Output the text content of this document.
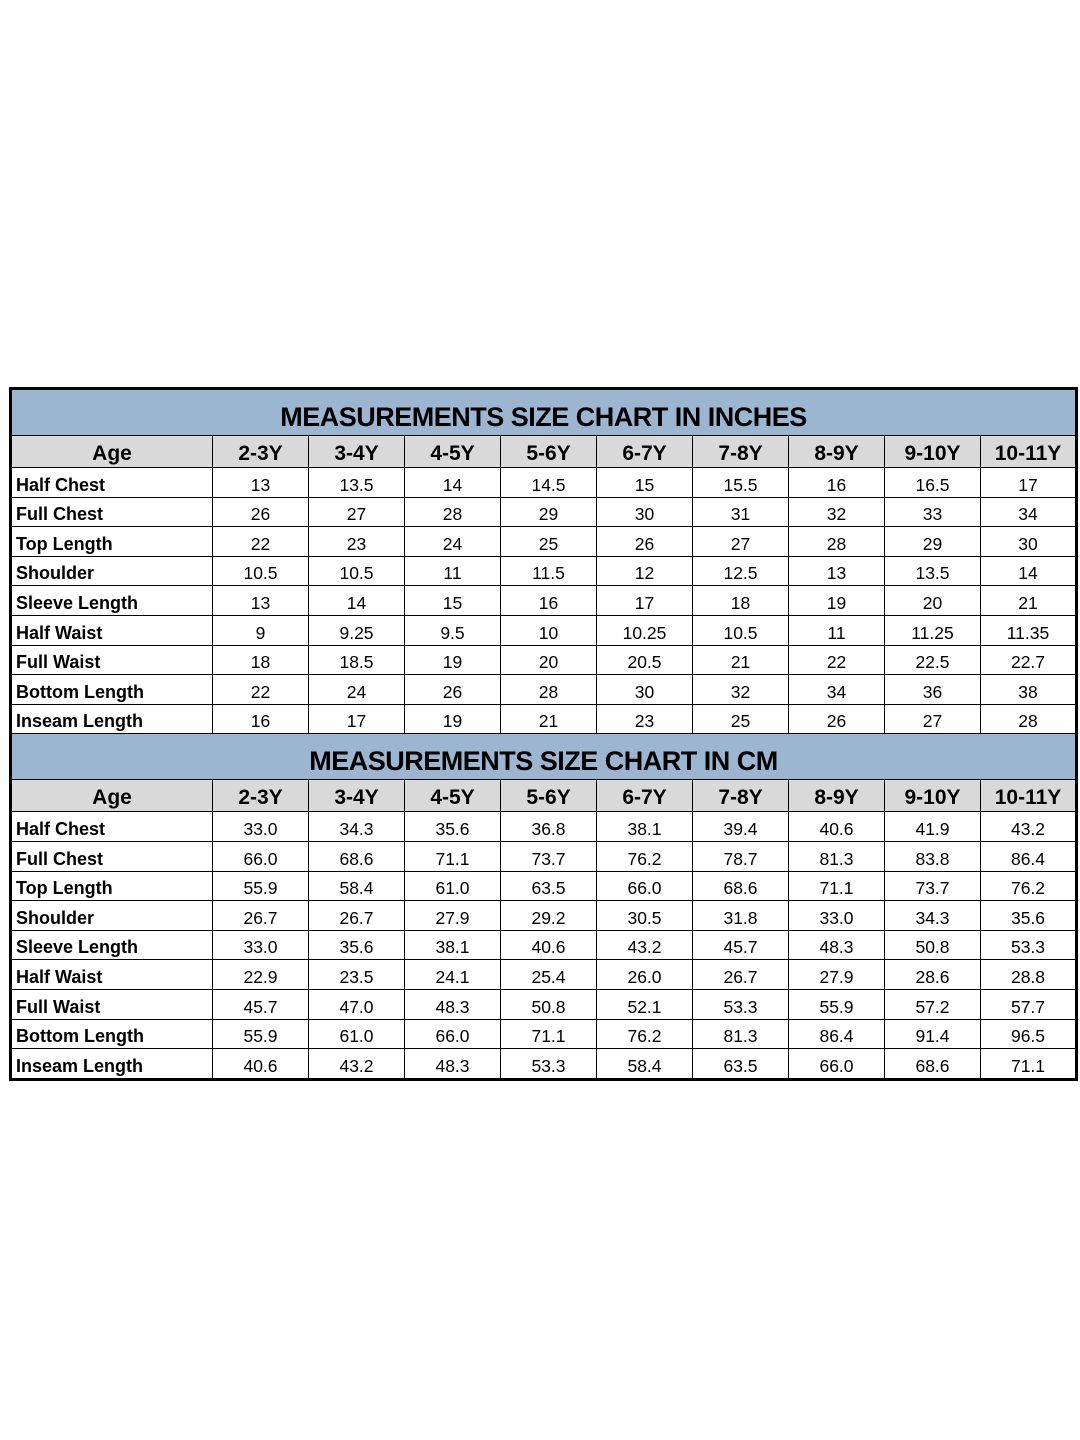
MEASUREMENTS SIZE CHART IN INCHES									
Age	2-3Y	3-4Y	4-5Y	5-6Y	6-7Y	7-8Y	8-9Y	9-10Y	10-11Y
Half Chest	13	13.5	14	14.5	15	15.5	16	16.5	17
Full Chest	26	27	28	29	30	31	32	33	34
Top Length	22	23	24	25	26	27	28	29	30
Shoulder	10.5	10.5	11	11.5	12	12.5	13	13.5	14
Sleeve Length	13	14	15	16	17	18	19	20	21
Half Waist	9	9.25	9.5	10	10.25	10.5	11	11.25	11.35
Full Waist	18	18.5	19	20	20.5	21	22	22.5	22.7
Bottom Length	22	24	26	28	30	32	34	36	38
Inseam Length	16	17	19	21	23	25	26	27	28
MEASUREMENTS SIZE CHART IN CM									
Age	2-3Y	3-4Y	4-5Y	5-6Y	6-7Y	7-8Y	8-9Y	9-10Y	10-11Y
Half Chest	33.0	34.3	35.6	36.8	38.1	39.4	40.6	41.9	43.2
Full Chest	66.0	68.6	71.1	73.7	76.2	78.7	81.3	83.8	86.4
Top Length	55.9	58.4	61.0	63.5	66.0	68.6	71.1	73.7	76.2
Shoulder	26.7	26.7	27.9	29.2	30.5	31.8	33.0	34.3	35.6
Sleeve Length	33.0	35.6	38.1	40.6	43.2	45.7	48.3	50.8	53.3
Half Waist	22.9	23.5	24.1	25.4	26.0	26.7	27.9	28.6	28.8
Full Waist	45.7	47.0	48.3	50.8	52.1	53.3	55.9	57.2	57.7
Bottom Length	55.9	61.0	66.0	71.1	76.2	81.3	86.4	91.4	96.5
Inseam Length	40.6	43.2	48.3	53.3	58.4	63.5	66.0	68.6	71.1
